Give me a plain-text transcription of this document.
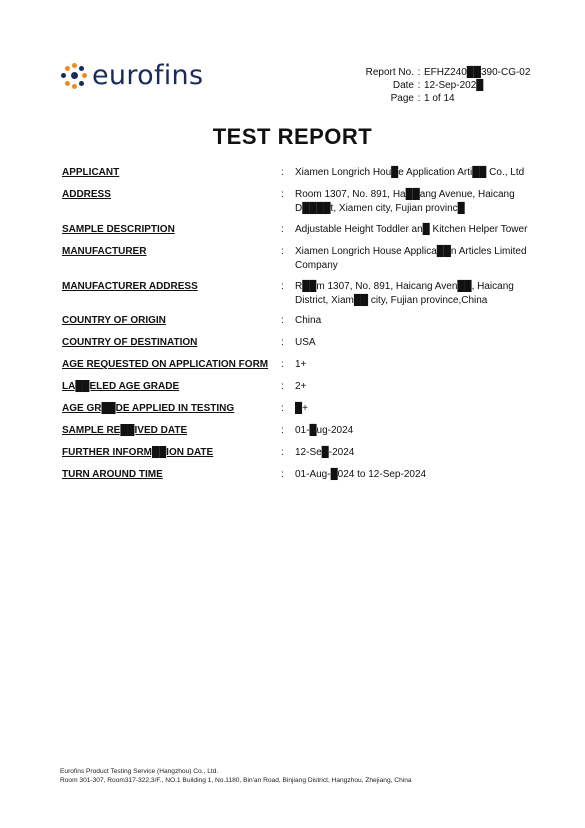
eurofins	Report No. : EFHZ240██390-CG-02
Date : 12-Sep-202█
Page : 1 of 14
TEST REPORT
APPLICANT	:	Xiamen Longrich Hou█e Application Arti██ Co., Ltd
ADDRESS	:	Room 1307, No. 891, Ha██ang Avenue, Haicang D████t, Xiamen city, Fujian provinc█
SAMPLE DESCRIPTION	:	Adjustable Height Toddler an█ Kitchen Helper Tower
MANUFACTURER	:	Xiamen Longrich House Applica██n Articles Limited Company
MANUFACTURER ADDRESS	:	R██m 1307, No. 891, Haicang Aven██, Haicang District, Xiam██ city, Fujian province,China
COUNTRY OF ORIGIN	:	China
COUNTRY OF DESTINATION	:	USA
AGE REQUESTED ON APPLICATION FORM	:	1+
LA██ELED AGE GRADE	:	2+
AGE GR██DE APPLIED IN TESTING	:	█+
SAMPLE RE██IVED DATE	:	01-█ug-2024
FURTHER INFORM██ION DATE	:	12-Se█-2024
TURN AROUND TIME	:	01-Aug-█024 to 12-Sep-2024
Eurofins Product Testing Service (Hangzhou) Co., Ltd.
Room 301-307, Room317-322,3/F., NO.1 Building 1, No.1180, Bin'an Road, Binjiang District, Hangzhou, Zhejiang, China
